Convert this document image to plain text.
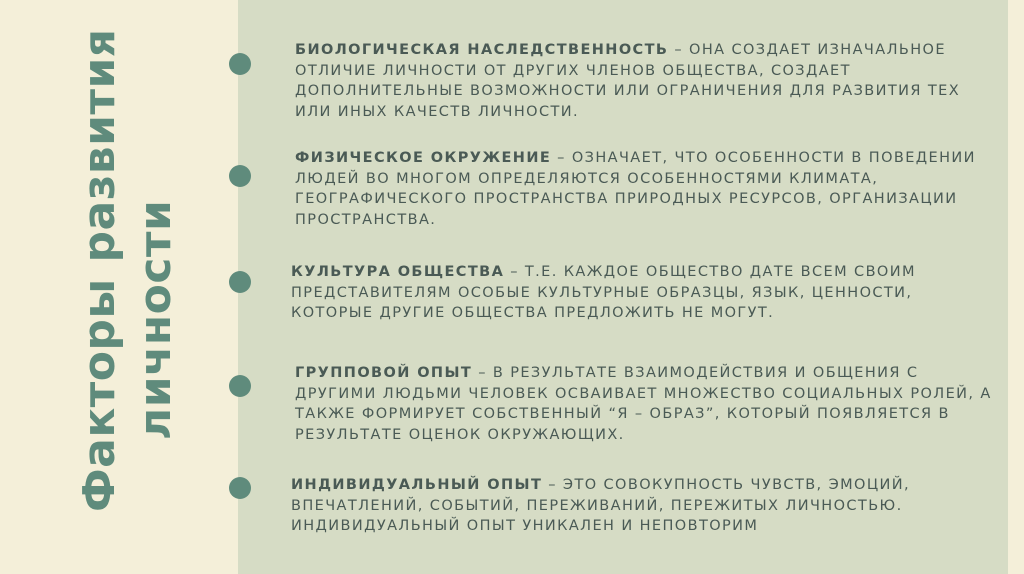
Факторы развития личности
БИОЛОГИЧЕСКАЯ НАСЛЕДСТВЕННОСТЬ – ОНА СОЗДАЕТ ИЗНАЧАЛЬНОЕ ОТЛИЧИЕ ЛИЧНОСТИ ОТ ДРУГИХ ЧЛЕНОВ ОБЩЕСТВА, СОЗДАЕТ ДОПОЛНИТЕЛЬНЫЕ ВОЗМОЖНОСТИ ИЛИ ОГРАНИЧЕНИЯ ДЛЯ РАЗВИТИЯ ТЕХ ИЛИ ИНЫХ КАЧЕСТВ ЛИЧНОСТИ.
ФИЗИЧЕСКОЕ ОКРУЖЕНИЕ – ОЗНАЧАЕТ, ЧТО ОСОБЕННОСТИ В ПОВЕДЕНИИ ЛЮДЕЙ ВО МНОГОМ ОПРЕДЕЛЯЮТСЯ ОСОБЕННОСТЯМИ КЛИМАТА, ГЕОГРАФИЧЕСКОГО ПРОСТРАНСТВА ПРИРОДНЫХ РЕСУРСОВ, ОРГАНИЗАЦИИ ПРОСТРАНСТВА.
КУЛЬТУРА ОБЩЕСТВА – Т.Е. КАЖДОЕ ОБЩЕСТВО ДАТЕ ВСЕМ СВОИМ ПРЕДСТАВИТЕЛЯМ ОСОБЫЕ КУЛЬТУРНЫЕ ОБРАЗЦЫ, ЯЗЫК, ЦЕННОСТИ, КОТОРЫЕ ДРУГИЕ ОБЩЕСТВА ПРЕДЛОЖИТЬ НЕ МОГУТ.
ГРУППОВОЙ ОПЫТ – В РЕЗУЛЬТАТЕ ВЗАИМОДЕЙСТВИЯ И ОБЩЕНИЯ С ДРУГИМИ ЛЮДЬМИ ЧЕЛОВЕК ОСВАИВАЕТ МНОЖЕСТВО СОЦИАЛЬНЫХ РОЛЕЙ, А ТАКЖЕ ФОРМИРУЕТ СОБСТВЕННЫЙ “Я – ОБРАЗ”, КОТОРЫЙ ПОЯВЛЯЕТСЯ В РЕЗУЛЬТАТЕ ОЦЕНОК ОКРУЖАЮЩИХ.
ИНДИВИДУАЛЬНЫЙ ОПЫТ – ЭТО СОВОКУПНОСТЬ ЧУВСТВ, ЭМОЦИЙ, ВПЕЧАТЛЕНИЙ, СОБЫТИЙ, ПЕРЕЖИВАНИЙ, ПЕРЕЖИТЫХ ЛИЧНОСТЬЮ. ИНДИВИДУАЛЬНЫЙ ОПЫТ УНИКАЛЕН И НЕПОВТОРИМ
